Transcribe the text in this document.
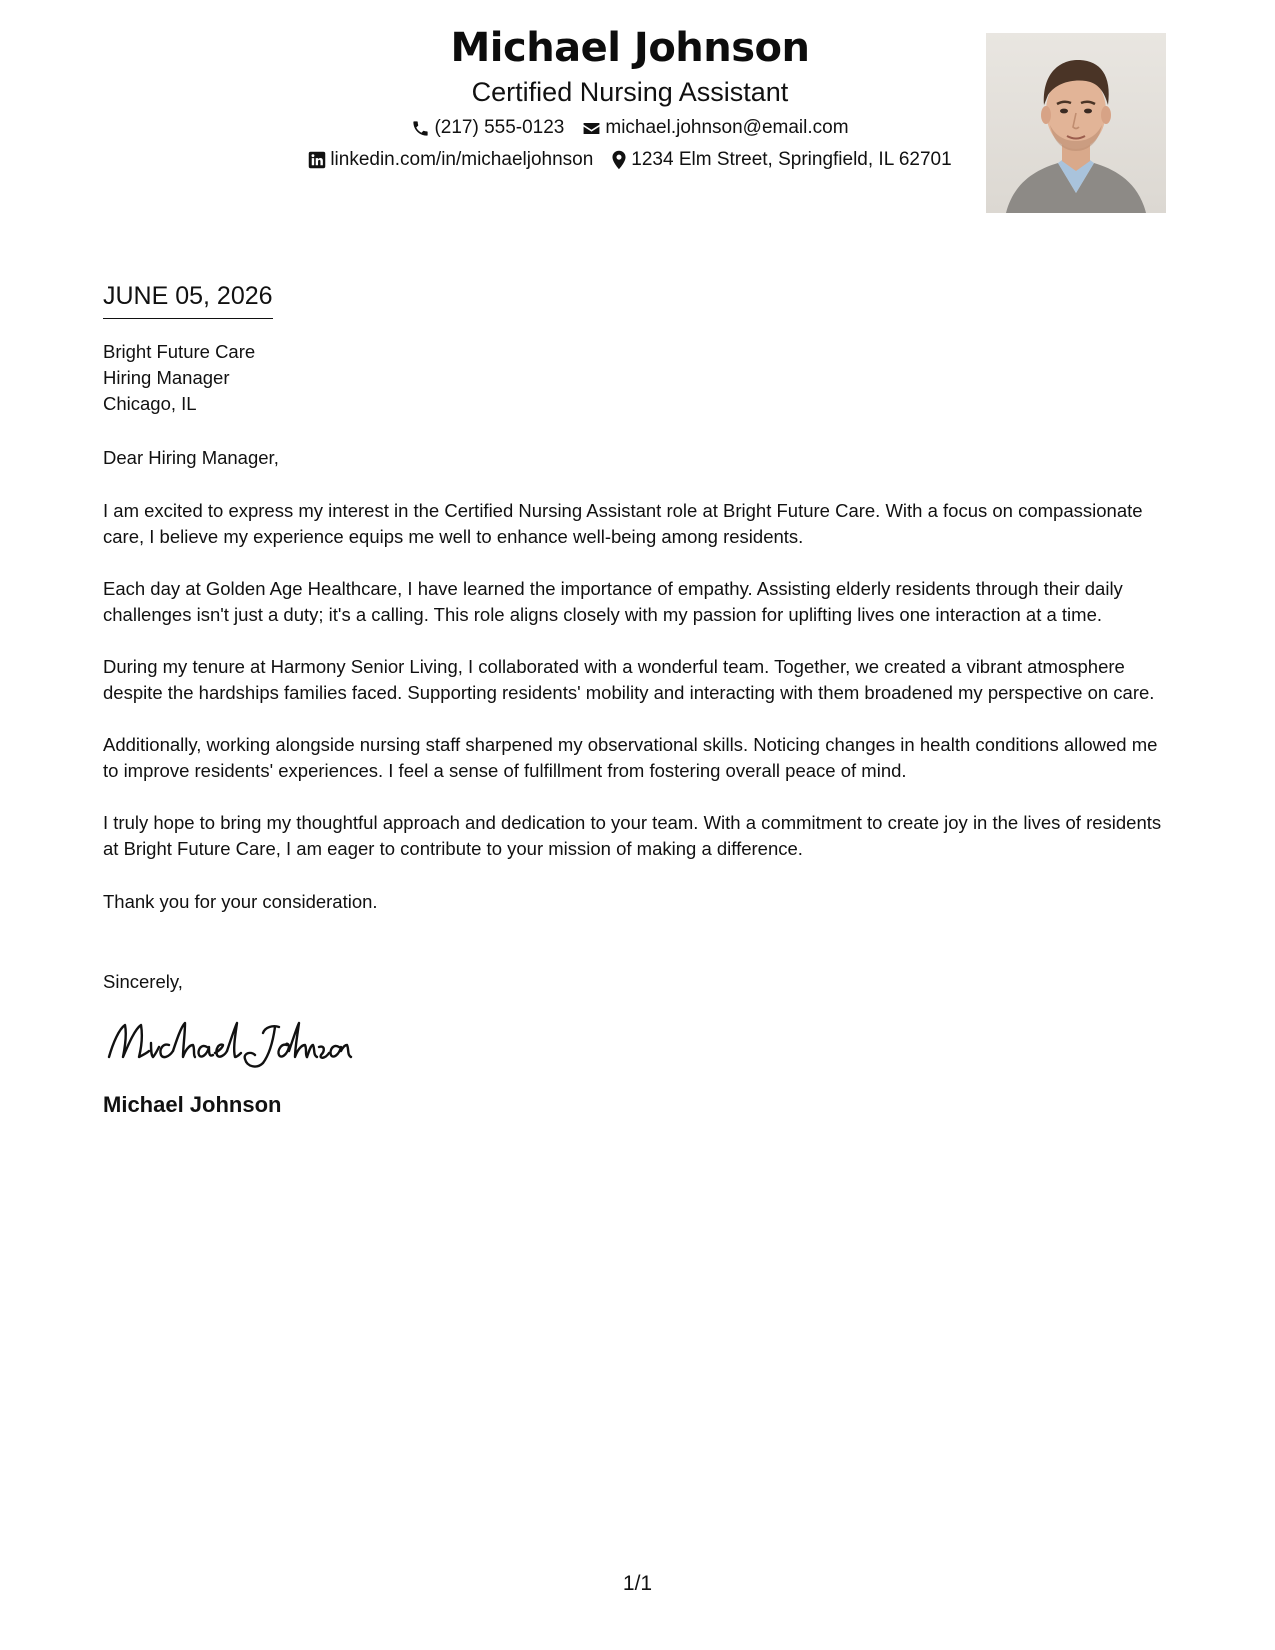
Michael Johnson
Certified Nursing Assistant
(217) 555-0123 michael.johnson@email.com
linkedin.com/in/michaeljohnson 1234 Elm Street, Springfield, IL 62701
JUNE 05, 2026
Bright Future Care
Hiring Manager
Chicago, IL
Dear Hiring Manager,

I am excited to express my interest in the Certified Nursing Assistant role at Bright Future Care. With a focus on compassionate care, I believe my experience equips me well to enhance well-being among residents.

Each day at Golden Age Healthcare, I have learned the importance of empathy. Assisting elderly residents through their daily challenges isn't just a duty; it's a calling. This role aligns closely with my passion for uplifting lives one interaction at a time.

During my tenure at Harmony Senior Living, I collaborated with a wonderful team. Together, we created a vibrant atmosphere despite the hardships families faced. Supporting residents' mobility and interacting with them broadened my perspective on care.

Additionally, working alongside nursing staff sharpened my observational skills. Noticing changes in health conditions allowed me to improve residents' experiences. I feel a sense of fulfillment from fostering overall peace of mind.

I truly hope to bring my thoughtful approach and dedication to your team. With a commitment to create joy in the lives of residents at Bright Future Care, I am eager to contribute to your mission of making a difference.

Thank you for your consideration.
Sincerely,
Michael Johnson
1/1
